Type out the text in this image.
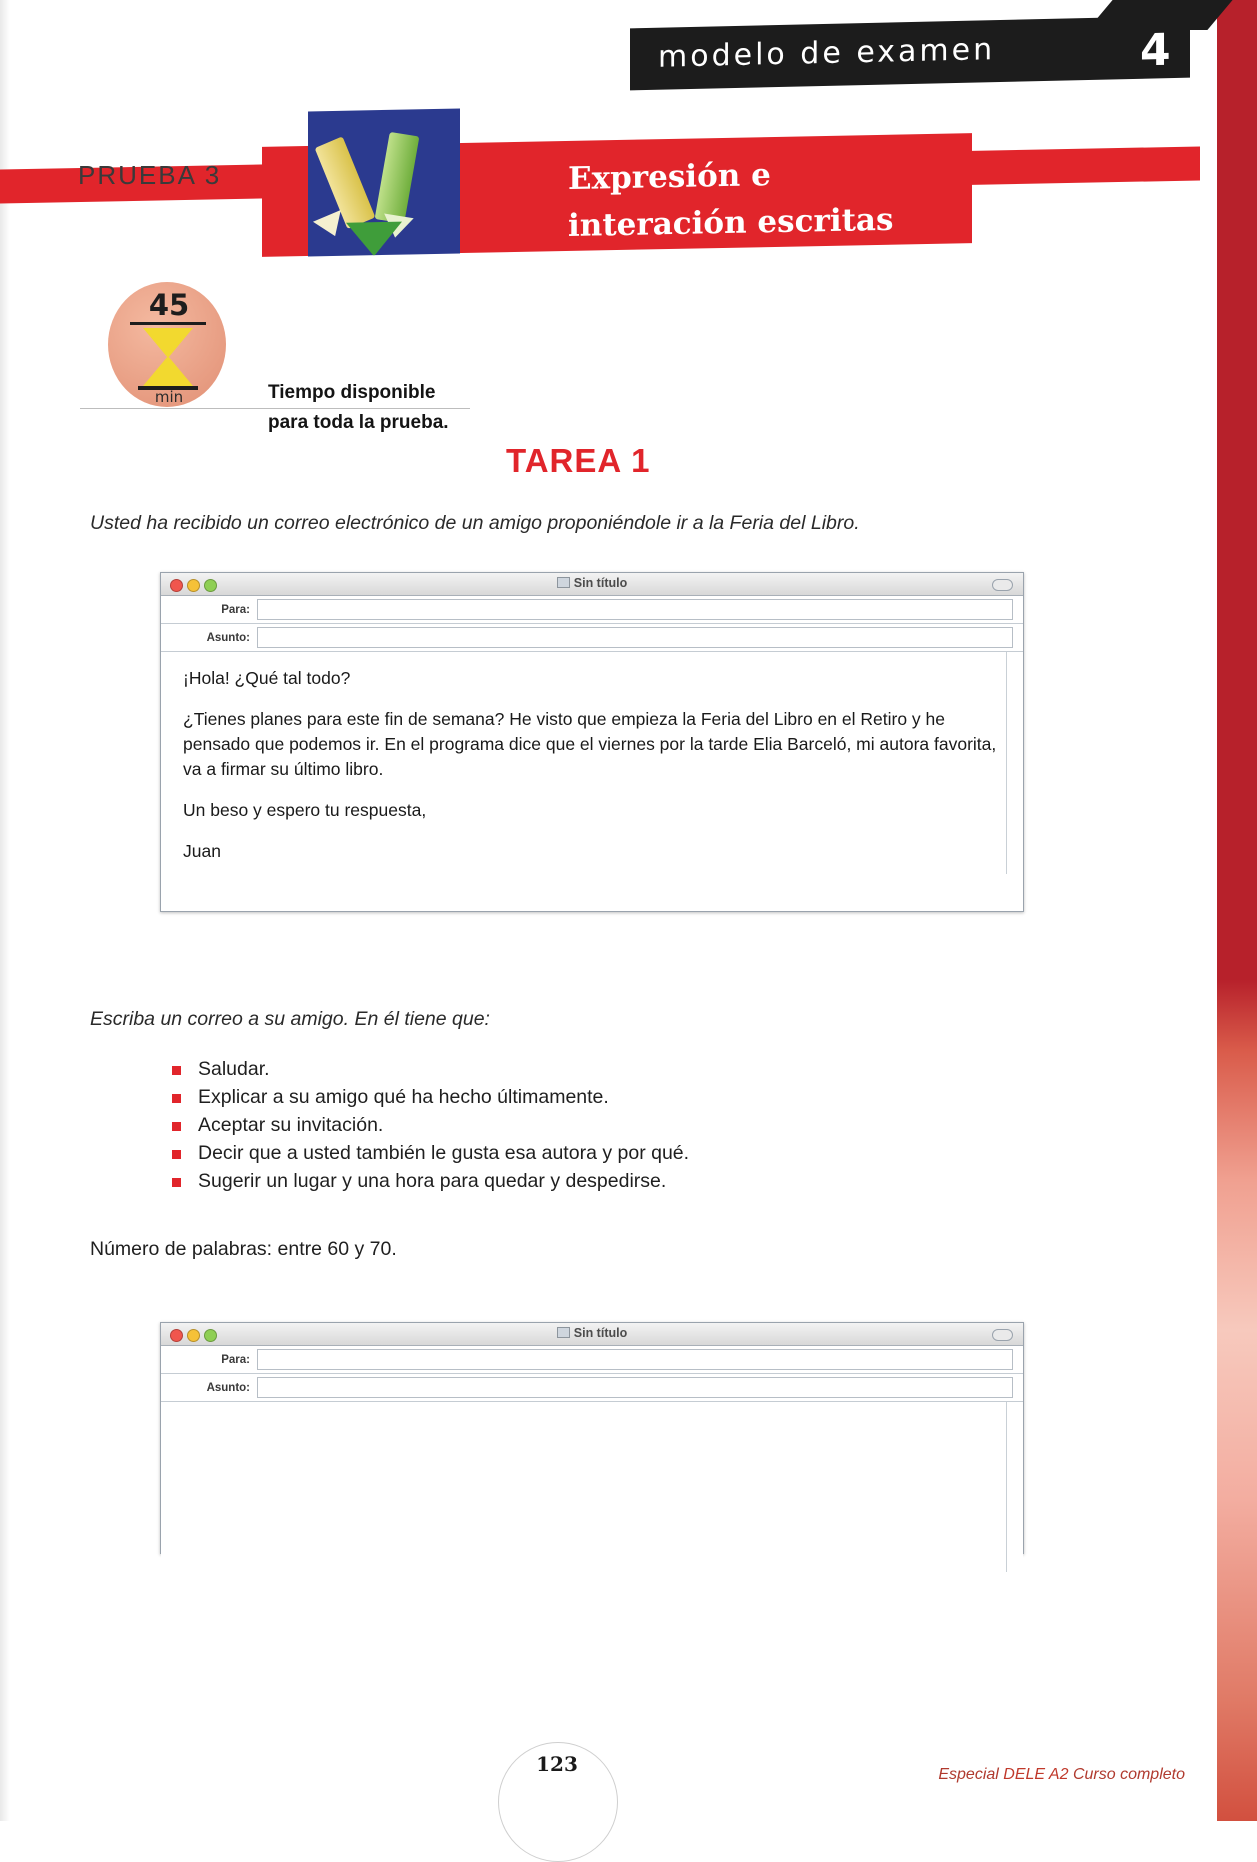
modelo de examen	4
PRUEBA 3	Expresión e
interación escritas
45
min	Tiempo disponible
para toda la prueba.
TAREA 1
Usted ha recibido un correo electrónico de un amigo proponiéndole ir a la Feria del Libro.
Sin título
Para:
Asunto:

¡Hola! ¿Qué tal todo?

¿Tienes planes para este fin de semana? He visto que empieza la Feria del Libro en el Retiro y he pensado que podemos ir. En el programa dice que el viernes por la tarde Elia Barceló, mi autora favorita, va a firmar su último libro.

Un beso y espero tu respuesta,

Juan

Escriba un correo a su amigo. En él tiene que:
Saludar.
Explicar a su amigo qué ha hecho últimamente.
Aceptar su invitación.
Decir que a usted también le gusta esa autora y por qué.
Sugerir un lugar y una hora para quedar y despedirse.
Número de palabras: entre 60 y 70.
Sin título
Para:
Asunto:
123	Especial DELE A2 Curso completo
